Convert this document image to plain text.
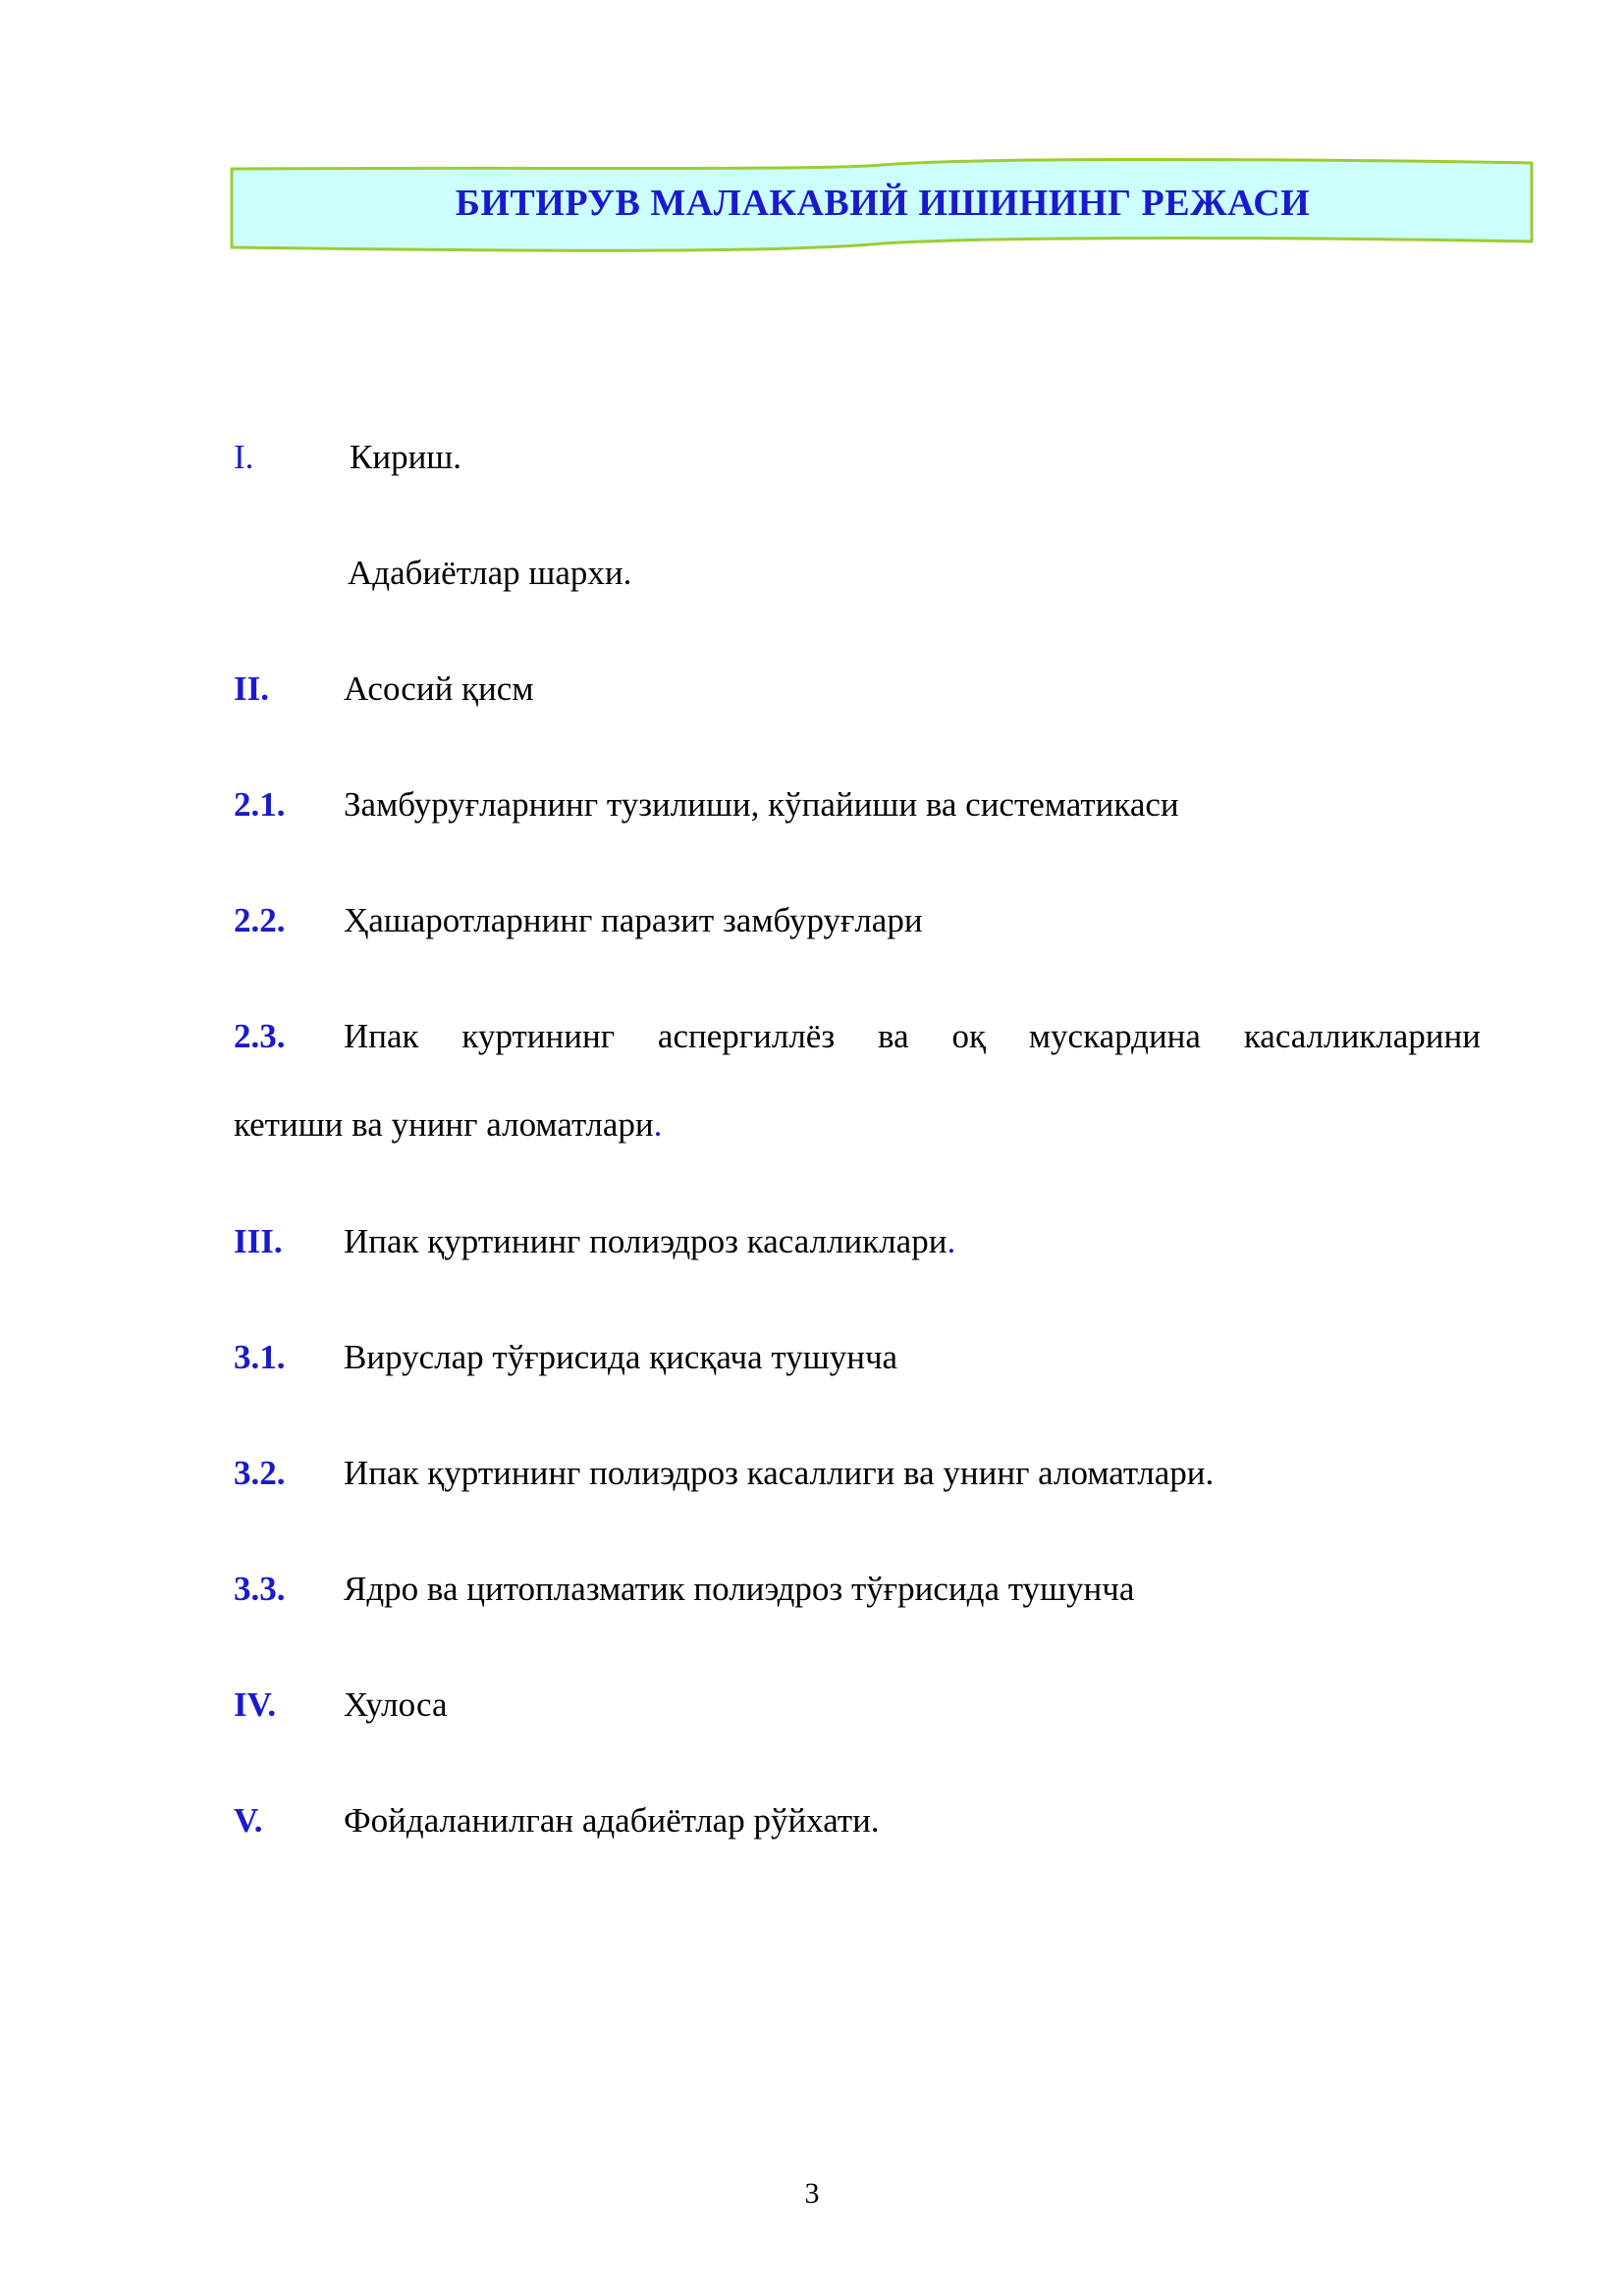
БИТИРУВ МАЛАКАВИЙ ИШИНИНГ РЕЖАСИ
I.	Кириш.
Адабиётлар шархи.
II. Асосий қисм
2.1. Замбуруғларнинг тузилиши, кўпайиши ва систематикаси
2.2. Ҳашаротларнинг паразит замбуруғлари
2.3. Ипак куртининг аспергиллёз ва оқ мускардина касалликларини
кетиши ва унинг аломатлари.
III. Ипак қуртининг полиэдроз касалликлари.
3.1. Вируслар тўғрисида қисқача тушунча
3.2. Ипак қуртининг полиэдроз касаллиги ва унинг аломатлари.
3.3. Ядро ва цитоплазматик полиэдроз тўғрисида тушунча
IV. Хулоса
V. Фойдаланилган адабиётлар рўйхати.
3
